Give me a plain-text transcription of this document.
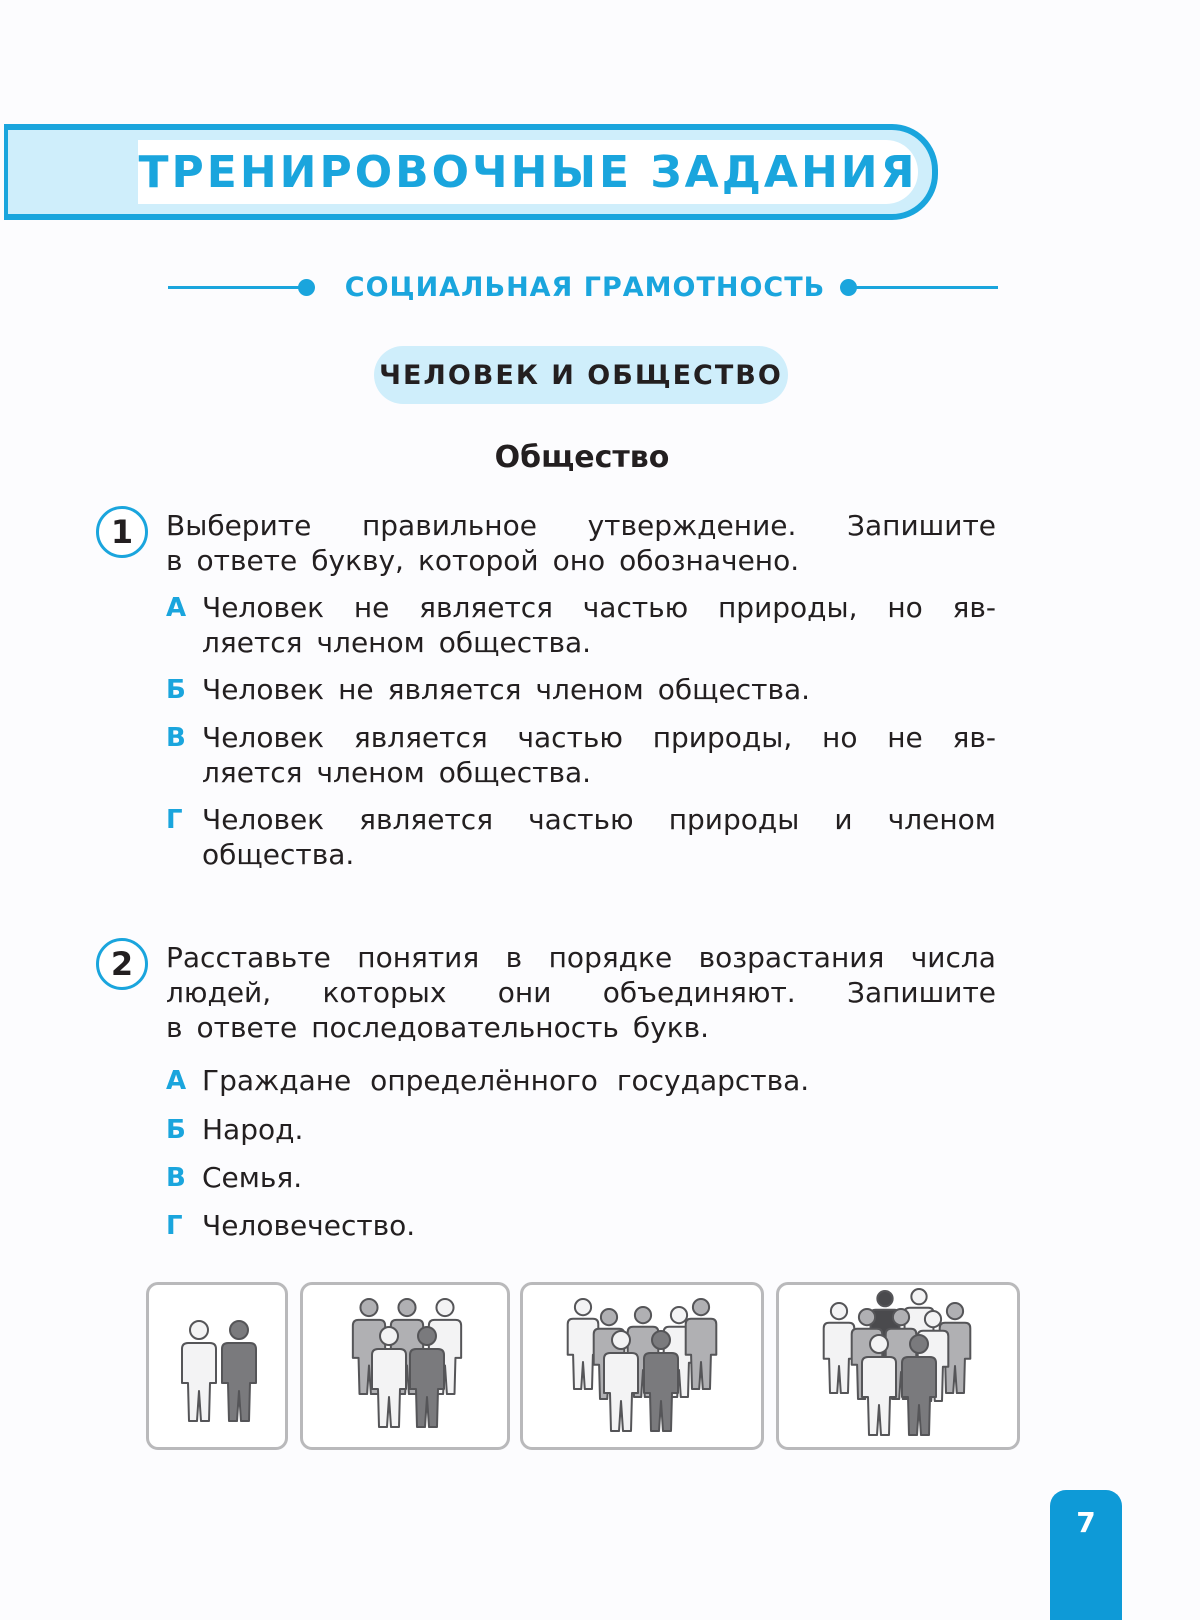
ТРЕНИРОВОЧНЫЕ ЗАДАНИЯ
СОЦИАЛЬНАЯ ГРАМОТНОСТЬ
ЧЕЛОВЕК И ОБЩЕСТВО
Общество
1 Выберите правильное утверждение. Запишите
в ответе букву, которой оно обозначено.
А Человек не является частью природы, но яв-
ляется членом общества.
Б Человек не является членом общества.
В Человек является частью природы, но не яв-
ляется членом общества.
Г Человек является частью природы и членом
общества.
2 Расставьте понятия в порядке возрастания числа
людей, которых они объединяют. Запишите
в ответе последовательность букв.
А Граждане определённого государства.
Б Народ.
В Семья.
Г Человечество.
7
